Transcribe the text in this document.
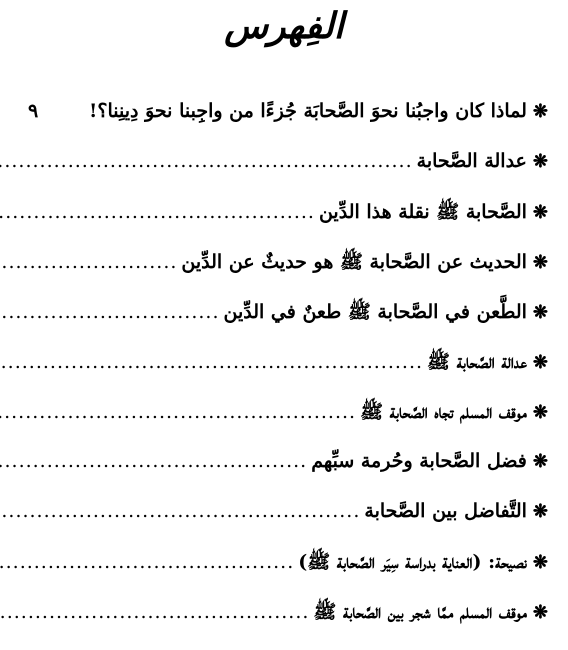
الفِهرس
❋
لماذا كان واجبُنا نحوَ الصَّحابَة جُزءًا من واجِبنا نحوَ دِينِنا؟!
٩
❋
عدالة الصَّحابة
.....
❋
الصَّحابة ﷺ نقلة هذا الدِّين
.....
❋
الحديث عن الصَّحابة ﷺ هو حديثٌ عن الدِّين
.....
❋
الطَّعن في الصَّحابة ﷺ طعنٌ في الدِّين
.....
❋
عدالة الصَّحابة ﷺ
.....
❋
موقف المسلم تجاه الصَّحابة ﷺ
.....
❋
فضل الصَّحابة وحُرمة سبِّهم
.....
❋
التَّفاضل بين الصَّحابة
.....
❋
نصيحة: (العناية بدراسة سِيَر الصَّحابة ﷺ)
.....
❋
موقف المسلم ممَّا شجر بين الصَّحابة ﷺ
.....
